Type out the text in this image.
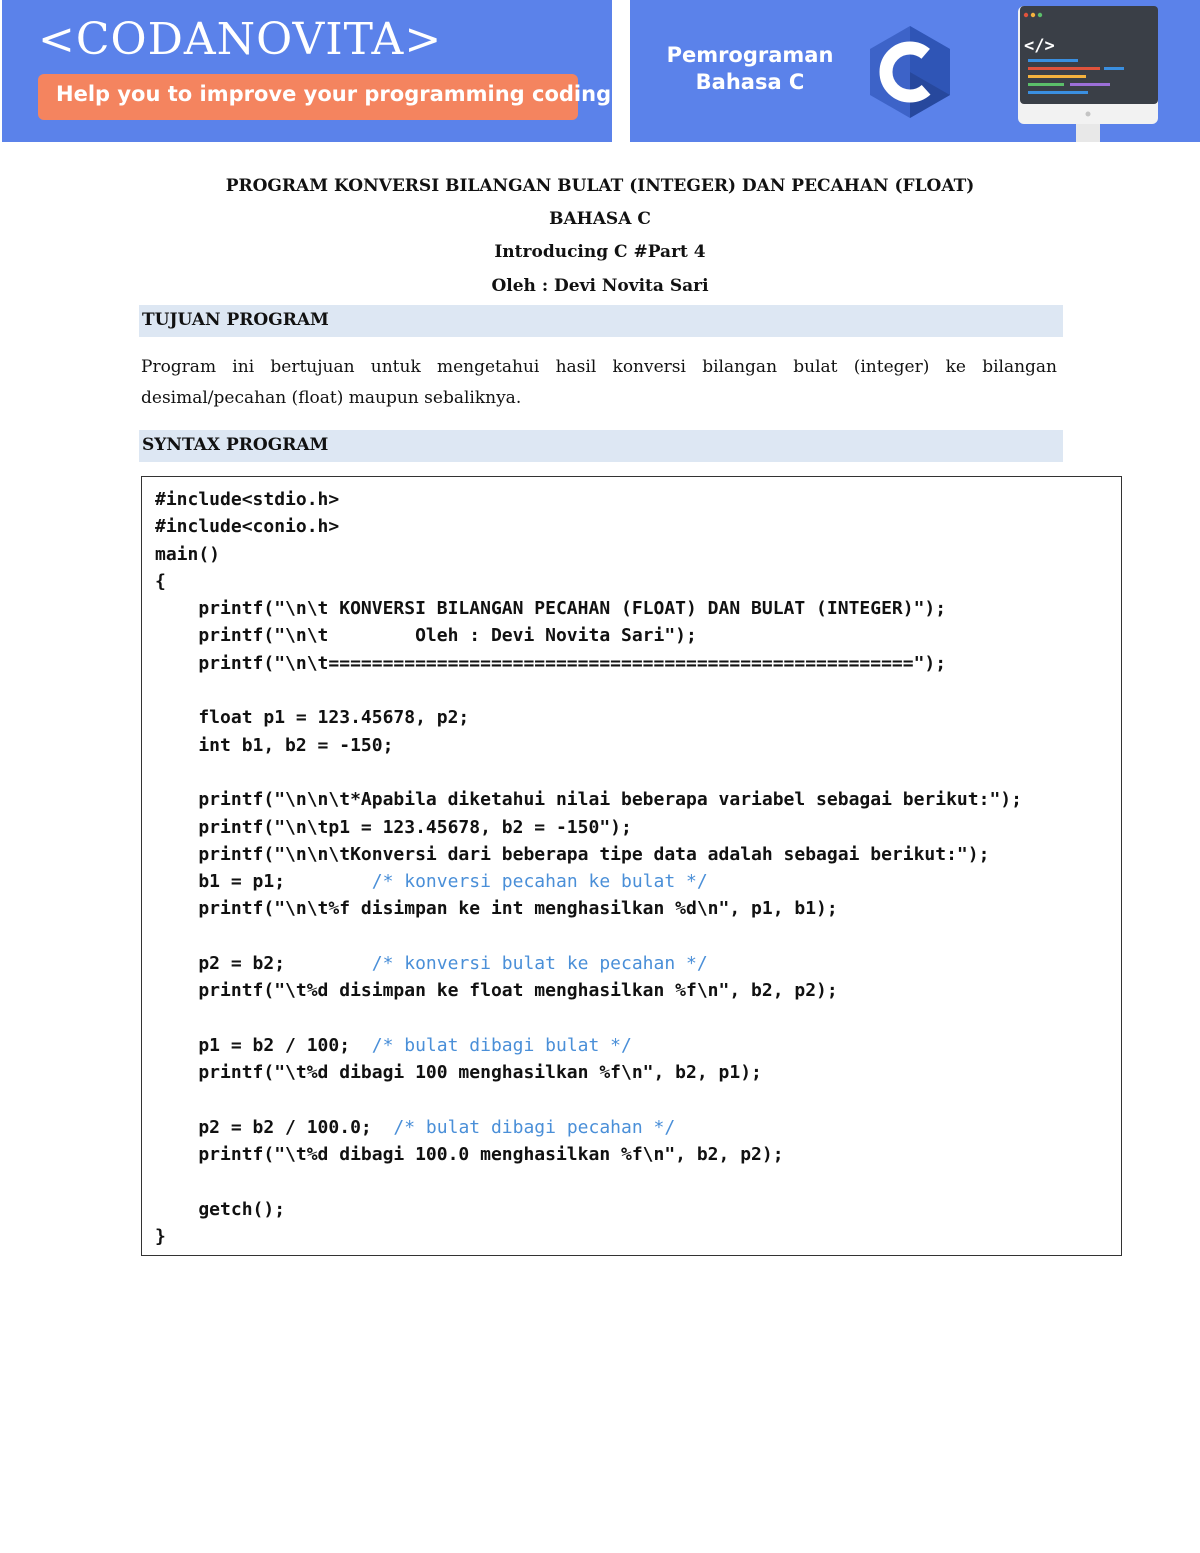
<CODANOVITA>
Help you to improve your programming coding
Pemrograman
Bahasa C
</>
PROGRAM KONVERSI BILANGAN BULAT (INTEGER) DAN PECAHAN (FLOAT)
BAHASA C
Introducing C #Part 4
Oleh : Devi Novita Sari
TUJUAN PROGRAM

Program ini bertujuan untuk mengetahui hasil konversi bilangan bulat (integer) ke bilangan desimal/pecahan (float) maupun sebaliknya.

SYNTAX PROGRAM
#include<stdio.h>
#include<conio.h>
main()
{
printf("\n\t KONVERSI BILANGAN PECAHAN (FLOAT) DAN BULAT (INTEGER)");
printf("\n\t        Oleh : Devi Novita Sari");
printf("\n\t======================================================");
float p1 = 123.45678, p2;
int b1, b2 = -150;
printf("\n\n\t*Apabila diketahui nilai beberapa variabel sebagai berikut:");
printf("\n\tp1 = 123.45678, b2 = -150");
printf("\n\n\tKonversi dari beberapa tipe data adalah sebagai berikut:");
b1 = p1;        /* konversi pecahan ke bulat */
printf("\n\t%f disimpan ke int menghasilkan %d\n", p1, b1);
p2 = b2;        /* konversi bulat ke pecahan */
printf("\t%d disimpan ke float menghasilkan %f\n", b2, p2);
p1 = b2 / 100;  /* bulat dibagi bulat */
printf("\t%d dibagi 100 menghasilkan %f\n", b2, p1);
p2 = b2 / 100.0;  /* bulat dibagi pecahan */
printf("\t%d dibagi 100.0 menghasilkan %f\n", b2, p2);
getch();
}
